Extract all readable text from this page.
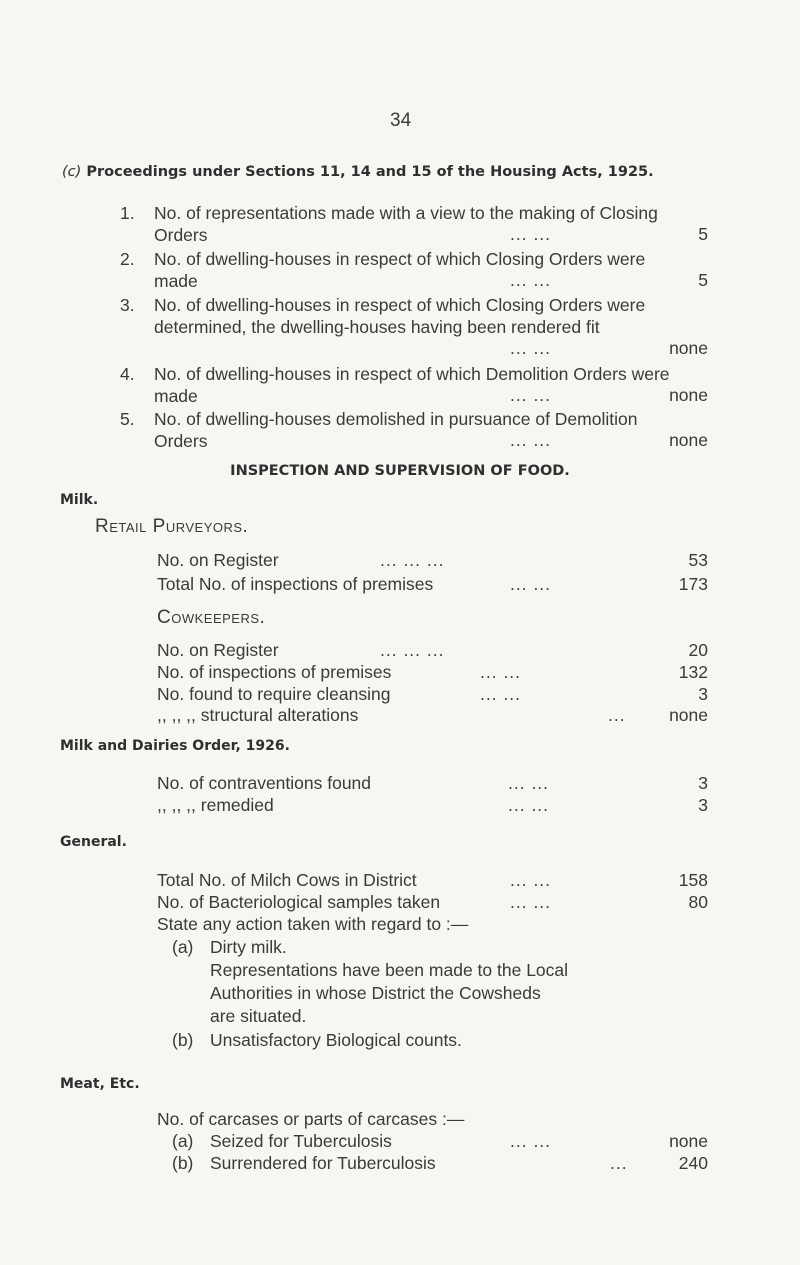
34
(c) Proceedings under Sections 11, 14 and 15 of the Housing Acts, 1925.
1. No. of representations made with a view to the making of Closing Orders	... ...	5
2. No. of dwelling-houses in respect of which Closing Orders were made	... ...	5
3. No. of dwelling-houses in respect of which Closing Orders were determined, the dwelling-houses having been rendered fit
... ...	none
4. No. of dwelling-houses in respect of which Demolition Orders were made	... ...	none
5. No. of dwelling-houses demolished in pursuance of Demolition Orders	... ...	none
INSPECTION AND SUPERVISION OF FOOD.
Milk.
Retail Purveyors.
No. on Register	... ... ...	53
Total No. of inspections of premises	... ...	173
Cowkeepers.
No. on Register	... ... ...	20
No. of inspections of premises	... ...	132
No. found to require cleansing	... ...	3
,, ,, ,, structural alterations	... none
Milk and Dairies Order, 1926.
No. of contraventions found	... ...	3
,, ,, ,, remedied	... ...	3
General.
Total No. of Milch Cows in District	... ...	158
No. of Bacteriological samples taken	... ...	80
State any action taken with regard to :—
(a) Dirty milk.
Representations have been made to the Local
Authorities in whose District the Cowsheds
are situated.
(b) Unsatisfactory Biological counts.
Meat, Etc.
No. of carcases or parts of carcases :—
(a) Seized for Tuberculosis	... ...	none
(b) Surrendered for Tuberculosis	...	240
